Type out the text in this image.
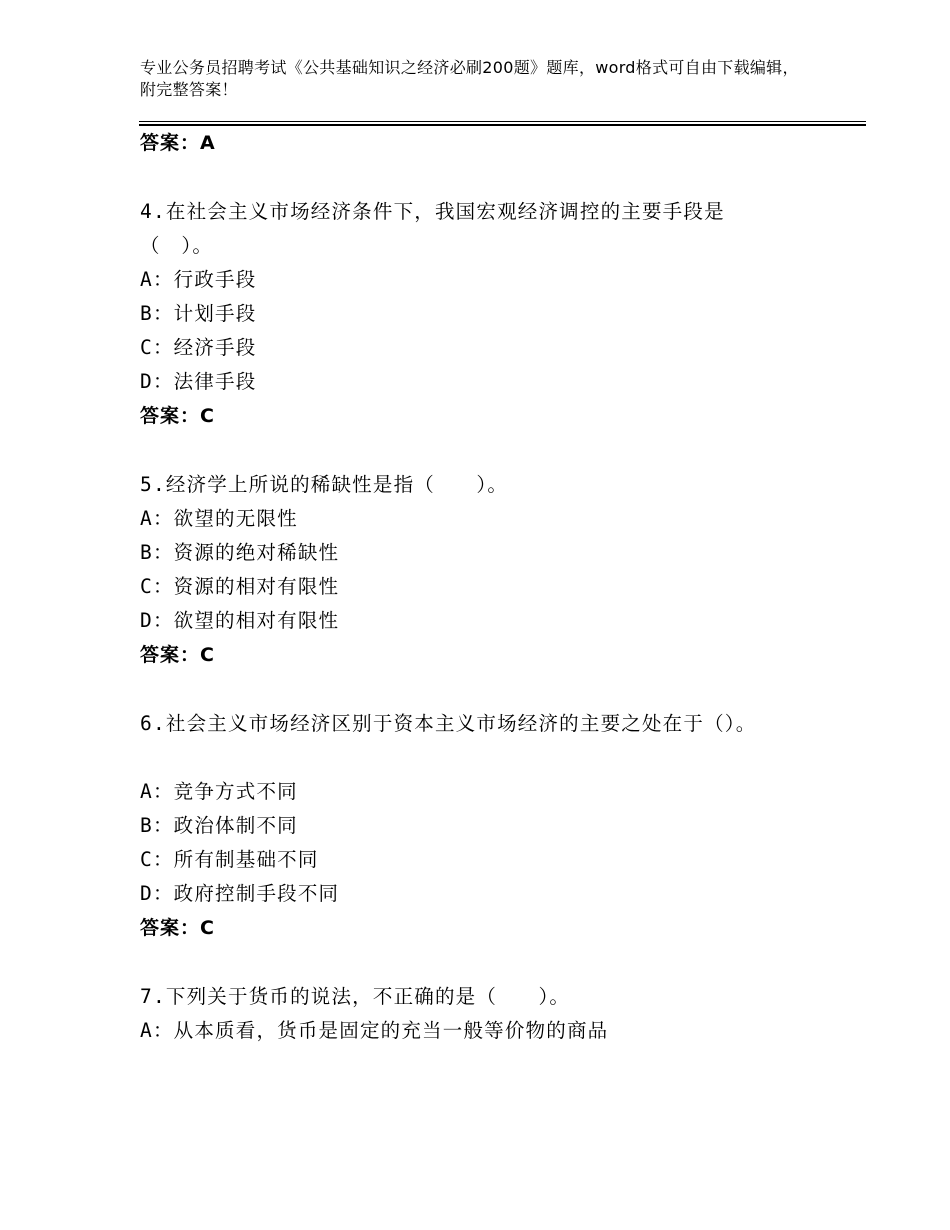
专业公务员招聘考试《公共基础知识之经济必刷200题》题库，word格式可自由下载编辑，附完整答案！
答案：A
4.在社会主义市场经济条件下，我国宏观经济调控的主要手段是（　）。
A：行政手段
B：计划手段
C：经济手段
D：法律手段
答案：C
5.经济学上所说的稀缺性是指（　　）。
A：欲望的无限性
B：资源的绝对稀缺性
C：资源的相对有限性
D：欲望的相对有限性
答案：C
6.社会主义市场经济区别于资本主义市场经济的主要之处在于（）。
A：竞争方式不同
B：政治体制不同
C：所有制基础不同
D：政府控制手段不同
答案：C
7.下列关于货币的说法，不正确的是（　　）。
A：从本质看，货币是固定的充当一般等价物的商品
